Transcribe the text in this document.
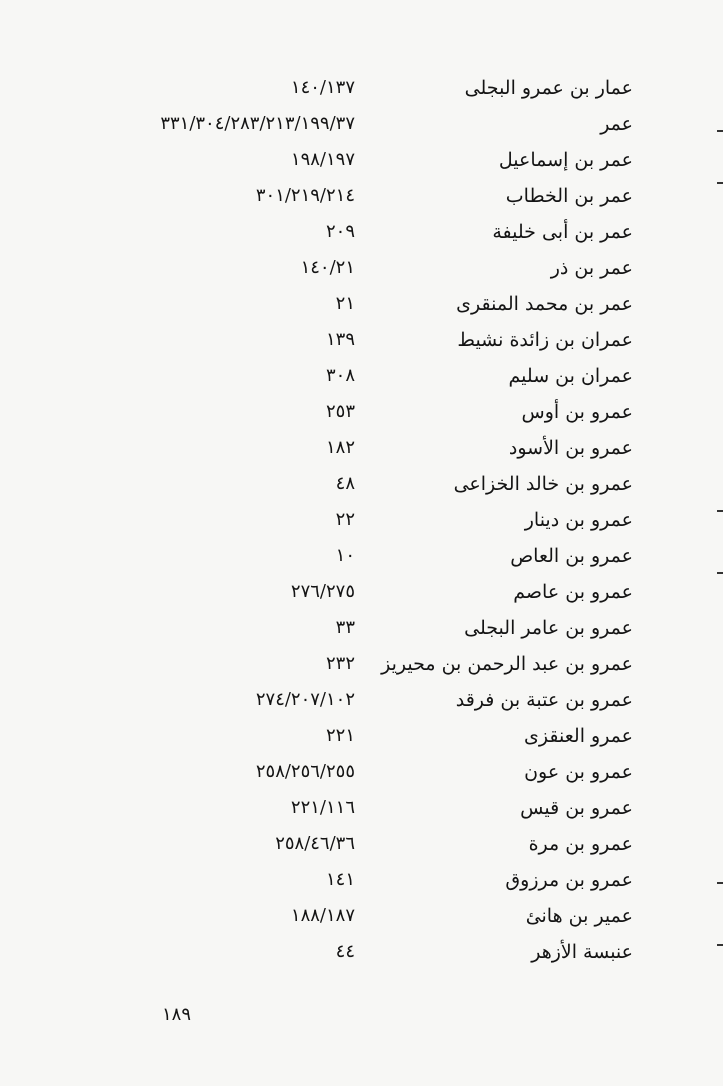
عمار بن عمرو البجلى
١٤٠/١٣٧
عمر
٣٣١/٣٠٤/٢٨٣/٢١٣/١٩٩/٣٧
عمر بن إسماعيل
١٩٨/١٩٧
عمر بن الخطاب
٣٠١/٢١٩/٢١٤
عمر بن أبى خليفة
٢٠٩
عمر بن ذر
١٤٠/٢١
عمر بن محمد المنقرى
٢١
عمران بن زائدة نشيط
١٣٩
عمران بن سليم
٣٠٨
عمرو بن أوس
٢٥٣
عمرو بن الأسود
١٨٢
عمرو بن خالد الخزاعى
٤٨
عمرو بن دينار
٢٢
عمرو بن العاص
١٠
عمرو بن عاصم
٢٧٦/٢٧٥
عمرو بن عامر البجلى
٣٣
عمرو بن عبد الرحمن بن محيريز
٢٣٢
عمرو بن عتبة بن فرقد
٢٧٤/٢٠٧/١٠٢
عمرو العنقزى
٢٢١
عمرو بن عون
٢٥٨/٢٥٦/٢٥٥
عمرو بن قيس
٢٢١/١١٦
عمرو بن مرة
٢٥٨/٤٦/٣٦
عمرو بن مرزوق
١٤١
عمير بن هانئ
١٨٨/١٨٧
عنبسة الأزهر
٤٤
١٨٩
